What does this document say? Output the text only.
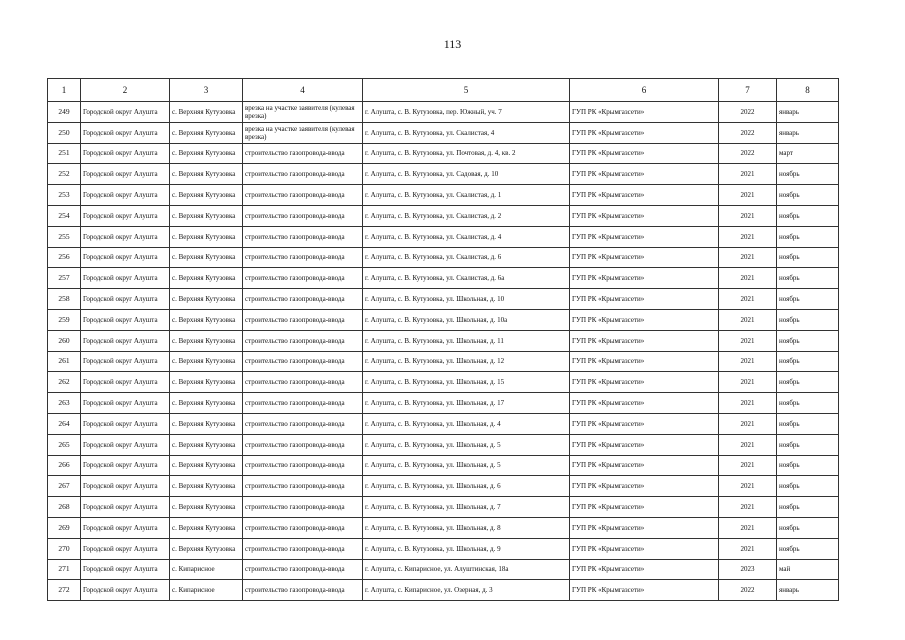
113
1	2	3	4	5	6	7	8
249	Городской округ Алушта	с. Верхняя Кутузовка	врезка на участке заявителя (кулевая врезка)	г. Алушта, с. В. Кутузовка, пер. Южный, уч. 7	ГУП РК «Крымгазсети»	2022	январь
250	Городской округ Алушта	с. Верхняя Кутузовка	врезка на участке заявителя (кулевая врезка)	г. Алушта, с. В. Кутузовка, ул. Скалистая, 4	ГУП РК «Крымгазсети»	2022	январь
251	Городской округ Алушта	с. Верхняя Кутузовка	строительство газопровода-ввода	г. Алушта, с. В. Кутузовка, ул. Почтовая, д. 4, кв. 2	ГУП РК «Крымгазсети»	2022	март
252	Городской округ Алушта	с. Верхняя Кутузовка	строительство газопровода-ввода	г. Алушта, с. В. Кутузовка, ул. Садовая, д. 10	ГУП РК «Крымгазсети»	2021	ноябрь
253	Городской округ Алушта	с. Верхняя Кутузовка	строительство газопровода-ввода	г. Алушта, с. В. Кутузовка, ул. Скалистая, д. 1	ГУП РК «Крымгазсети»	2021	ноябрь
254	Городской округ Алушта	с. Верхняя Кутузовка	строительство газопровода-ввода	г. Алушта, с. В. Кутузовка, ул. Скалистая, д. 2	ГУП РК «Крымгазсети»	2021	ноябрь
255	Городской округ Алушта	с. Верхняя Кутузовка	строительство газопровода-ввода	г. Алушта, с. В. Кутузовка, ул. Скалистая, д. 4	ГУП РК «Крымгазсети»	2021	ноябрь
256	Городской округ Алушта	с. Верхняя Кутузовка	строительство газопровода-ввода	г. Алушта, с. В. Кутузовка, ул. Скалистая, д. 6	ГУП РК «Крымгазсети»	2021	ноябрь
257	Городской округ Алушта	с. Верхняя Кутузовка	строительство газопровода-ввода	г. Алушта, с. В. Кутузовка, ул. Скалистая, д. 6а	ГУП РК «Крымгазсети»	2021	ноябрь
258	Городской округ Алушта	с. Верхняя Кутузовка	строительство газопровода-ввода	г. Алушта, с. В. Кутузовка, ул. Школьная, д. 10	ГУП РК «Крымгазсети»	2021	ноябрь
259	Городской округ Алушта	с. Верхняя Кутузовка	строительство газопровода-ввода	г. Алушта, с. В. Кутузовка, ул. Школьная, д. 10а	ГУП РК «Крымгазсети»	2021	ноябрь
260	Городской округ Алушта	с. Верхняя Кутузовка	строительство газопровода-ввода	г. Алушта, с. В. Кутузовка, ул. Школьная, д. 11	ГУП РК «Крымгазсети»	2021	ноябрь
261	Городской округ Алушта	с. Верхняя Кутузовка	строительство газопровода-ввода	г. Алушта, с. В. Кутузовка, ул. Школьная, д. 12	ГУП РК «Крымгазсети»	2021	ноябрь
262	Городской округ Алушта	с. Верхняя Кутузовка	строительство газопровода-ввода	г. Алушта, с. В. Кутузовка, ул. Школьная, д. 15	ГУП РК «Крымгазсети»	2021	ноябрь
263	Городской округ Алушта	с. Верхняя Кутузовка	строительство газопровода-ввода	г. Алушта, с. В. Кутузовка, ул. Школьная, д. 17	ГУП РК «Крымгазсети»	2021	ноябрь
264	Городской округ Алушта	с. Верхняя Кутузовка	строительство газопровода-ввода	г. Алушта, с. В. Кутузовка, ул. Школьная, д. 4	ГУП РК «Крымгазсети»	2021	ноябрь
265	Городской округ Алушта	с. Верхняя Кутузовка	строительство газопровода-ввода	г. Алушта, с. В. Кутузовка, ул. Школьная, д. 5	ГУП РК «Крымгазсети»	2021	ноябрь
266	Городской округ Алушта	с. Верхняя Кутузовка	строительство газопровода-ввода	г. Алушта, с. В. Кутузовка, ул. Школьная, д. 5	ГУП РК «Крымгазсети»	2021	ноябрь
267	Городской округ Алушта	с. Верхняя Кутузовка	строительство газопровода-ввода	г. Алушта, с. В. Кутузовка, ул. Школьная, д. 6	ГУП РК «Крымгазсети»	2021	ноябрь
268	Городской округ Алушта	с. Верхняя Кутузовка	строительство газопровода-ввода	г. Алушта, с. В. Кутузовка, ул. Школьная, д. 7	ГУП РК «Крымгазсети»	2021	ноябрь
269	Городской округ Алушта	с. Верхняя Кутузовка	строительство газопровода-ввода	г. Алушта, с. В. Кутузовка, ул. Школьная, д. 8	ГУП РК «Крымгазсети»	2021	ноябрь
270	Городской округ Алушта	с. Верхняя Кутузовка	строительство газопровода-ввода	г. Алушта, с. В. Кутузовка, ул. Школьная, д. 9	ГУП РК «Крымгазсети»	2021	ноябрь
271	Городской округ Алушта	с. Кипарисное	строительство газопровода-ввода	г. Алушта, с. Кипарисное, ул. Алуштинская, 18а	ГУП РК «Крымгазсети»	2023	май
272	Городской округ Алушта	с. Кипарисное	строительство газопровода-ввода	г. Алушта, с. Кипарисное, ул. Озерная, д. 3	ГУП РК «Крымгазсети»	2022	январь
